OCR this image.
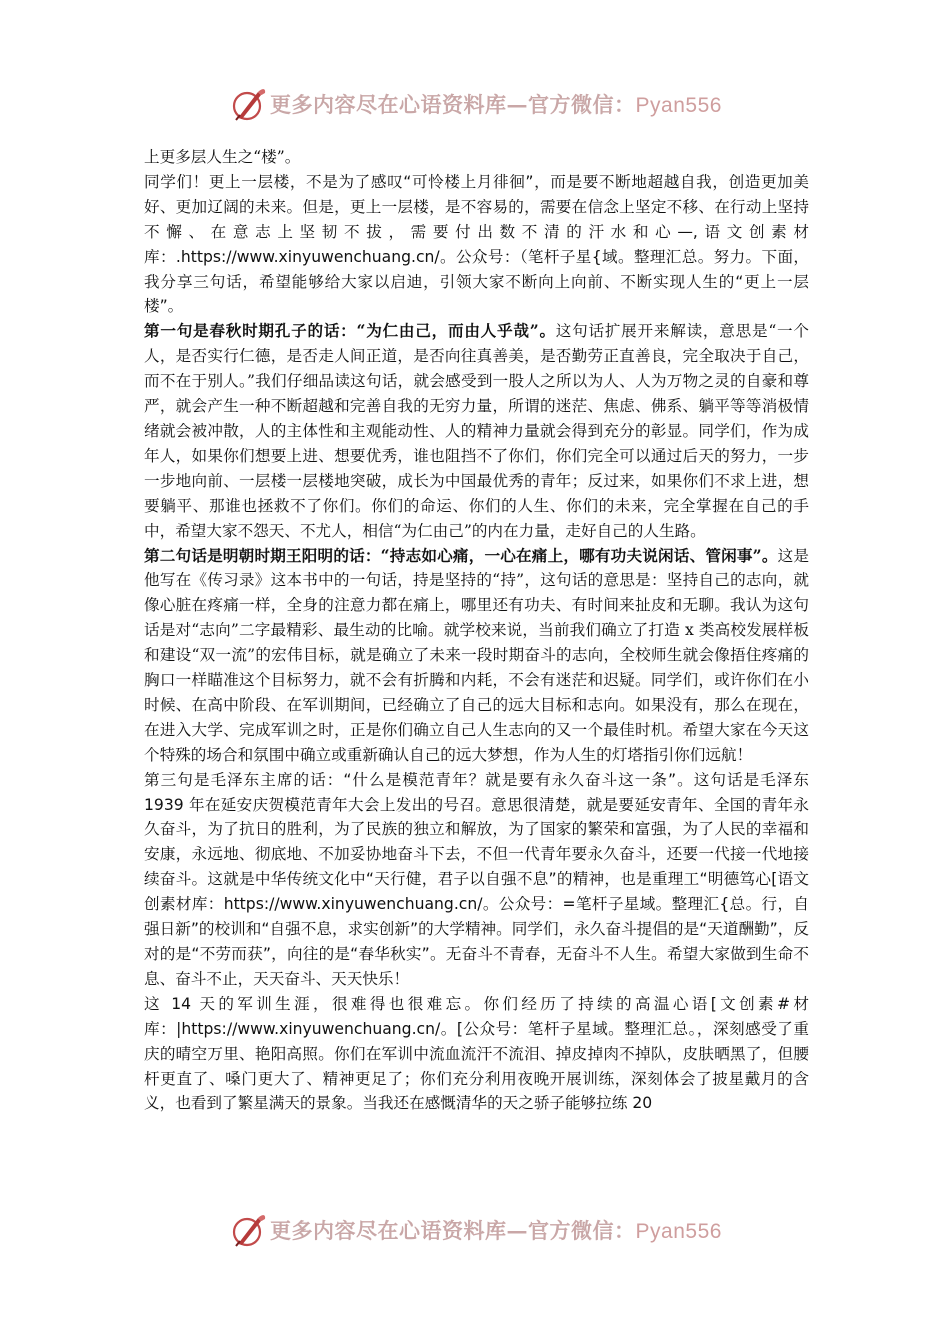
更多内容尽在心语资料库—官方微信：Pyan556

上更多层人生之“楼”。

同学们！更上一层楼，不是为了感叹“可怜楼上月徘徊”，而是要不断地超越自我，创造更加美好、更加辽阔的未来。但是，更上一层楼，是不容易的，需要在信念上坚定不移、在行动上坚持不懈、在意志上坚韧不拔，需要付出数不清的汗水和心—,语文创素材库：.https://www.xinyuwenchuang.cn/。公众号：（笔杆子星{域。整理汇总。努力。下面，我分享三句话，希望能够给大家以启迪，引领大家不断向上向前、不断实现人生的“更上一层楼”。

第一句是春秋时期孔子的话：“为仁由己，而由人乎哉”。这句话扩展开来解读，意思是“一个人，是否实行仁德，是否走人间正道，是否向往真善美，是否勤劳正直善良，完全取决于自己，而不在于别人。”我们仔细品读这句话，就会感受到一股人之所以为人、人为万物之灵的自豪和尊严，就会产生一种不断超越和完善自我的无穷力量，所谓的迷茫、焦虑、佛系、躺平等等消极情绪就会被冲散，人的主体性和主观能动性、人的精神力量就会得到充分的彰显。同学们，作为成年人，如果你们想要上进、想要优秀，谁也阻挡不了你们，你们完全可以通过后天的努力，一步一步地向前、一层楼一层楼地突破，成长为中国最优秀的青年；反过来，如果你们不求上进，想要躺平、那谁也拯救不了你们。你们的命运、你们的人生、你们的未来，完全掌握在自己的手中，希望大家不怨天、不尤人，相信“为仁由己”的内在力量，走好自己的人生路。

第二句话是明朝时期王阳明的话：“持志如心痛，一心在痛上，哪有功夫说闲话、管闲事”。这是他写在《传习录》这本书中的一句话，持是坚持的“持”，这句话的意思是：坚持自己的志向，就像心脏在疼痛一样，全身的注意力都在痛上，哪里还有功夫、有时间来扯皮和无聊。我认为这句话是对“志向”二字最精彩、最生动的比喻。就学校来说，当前我们确立了打造 x 类高校发展样板和建设“双一流”的宏伟目标，就是确立了未来一段时期奋斗的志向，全校师生就会像捂住疼痛的胸口一样瞄准这个目标努力，就不会有折腾和内耗，不会有迷茫和迟疑。同学们，或许你们在小时候、在高中阶段、在军训期间，已经确立了自己的远大目标和志向。如果没有，那么在现在，在进入大学、完成军训之时，正是你们确立自己人生志向的又一个最佳时机。希望大家在今天这个特殊的场合和氛围中确立或重新确认自己的远大梦想，作为人生的灯塔指引你们远航！

第三句是毛泽东主席的话：“什么是模范青年？就是要有永久奋斗这一条”。这句话是毛泽东 1939 年在延安庆贺模范青年大会上发出的号召。意思很清楚，就是要延安青年、全国的青年永久奋斗，为了抗日的胜利，为了民族的独立和解放，为了国家的繁荣和富强，为了人民的幸福和安康，永远地、彻底地、不加妥协地奋斗下去，不但一代青年要永久奋斗，还要一代接一代地接续奋斗。这就是中华传统文化中“天行健，君子以自强不息”的精神，也是重理工“明德笃心[语文创素材库：https://www.xinyuwenchuang.cn/。公众号：=笔杆子星域。整理汇{总。行，自强日新”的校训和“自强不息，求实创新”的大学精神。同学们，永久奋斗提倡的是“天道酬勤”，反对的是“不劳而获”，向往的是“春华秋实”。无奋斗不青春，无奋斗不人生。希望大家做到生命不息、奋斗不止，天天奋斗、天天快乐！

这 14 天的军训生涯，很难得也很难忘。你们经历了持续的高温心语[文创素#材库：|https://www.xinyuwenchuang.cn/。[公众号：笔杆子星域。整理汇总。，深刻感受了重庆的晴空万里、艳阳高照。你们在军训中流血流汗不流泪、掉皮掉肉不掉队，皮肤晒黑了，但腰杆更直了、嗓门更大了、精神更足了；你们充分利用夜晚开展训练，深刻体会了披星戴月的含义，也看到了繁星满天的景象。当我还在感慨清华的天之骄子能够拉练 20

更多内容尽在心语资料库—官方微信：Pyan556
